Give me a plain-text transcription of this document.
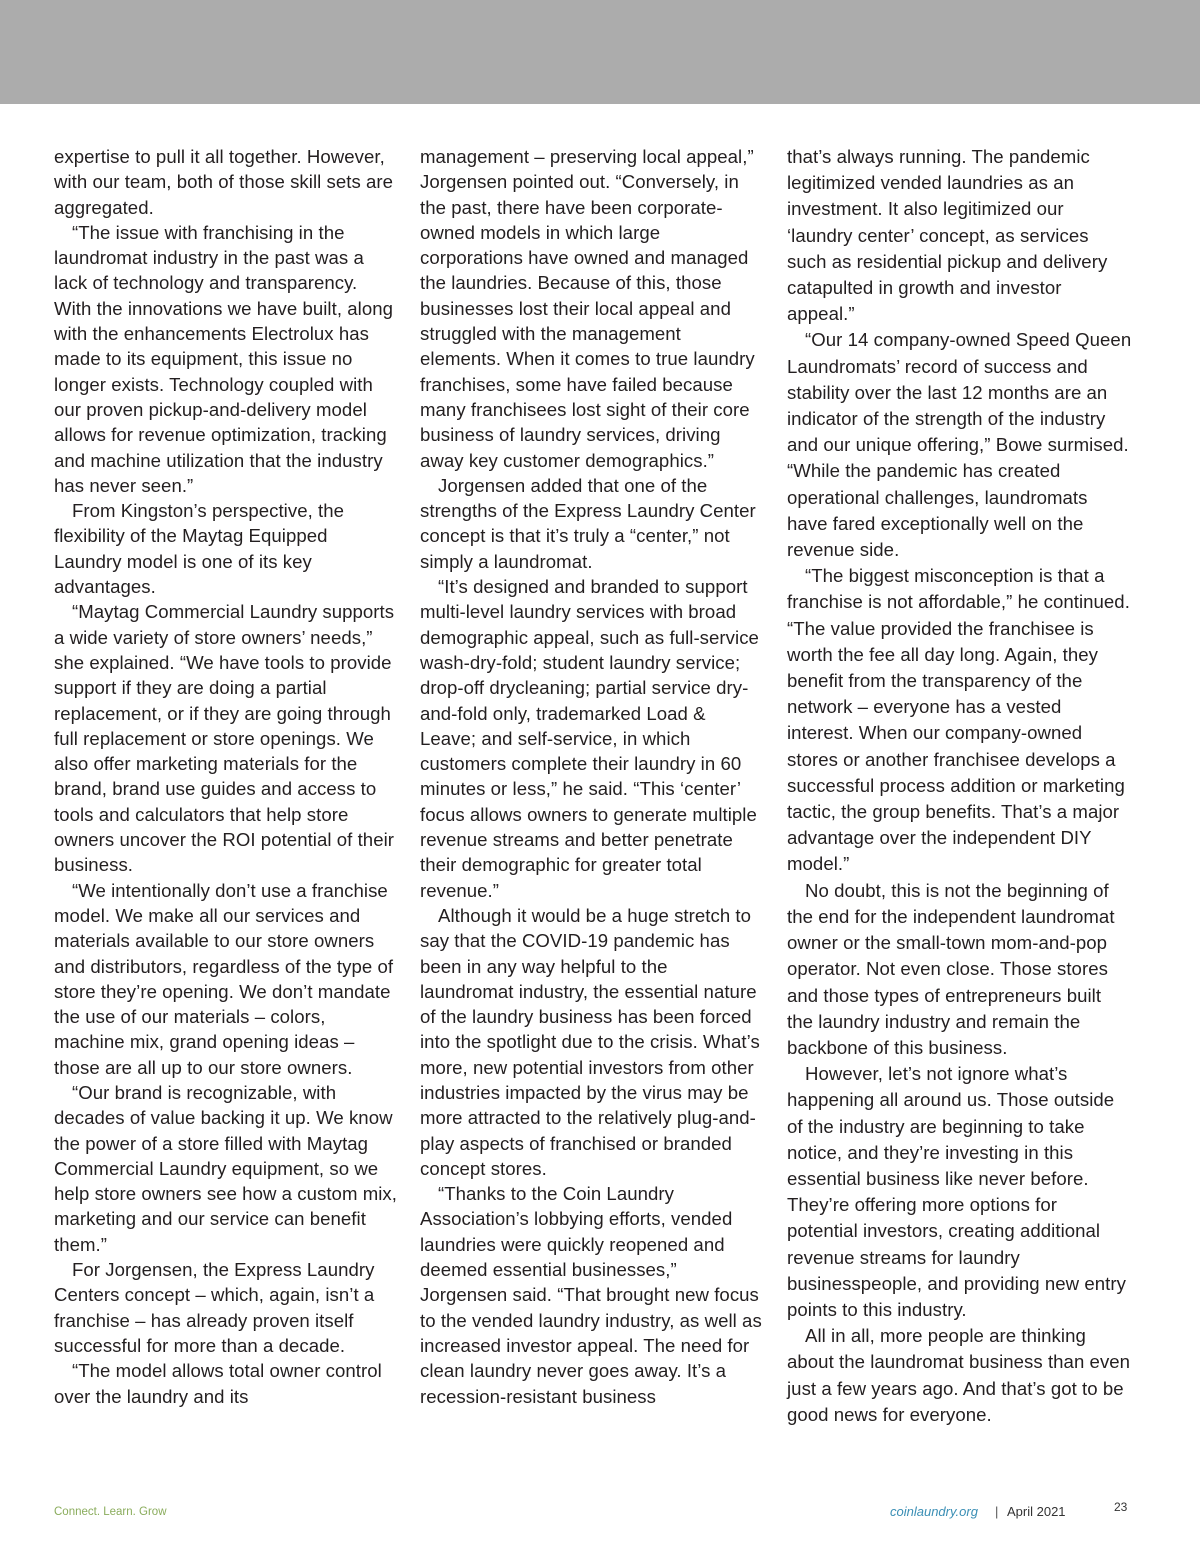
expertise to pull it all together. However, with our team, both of those skill sets are aggregated.

“The issue with franchising in the laundromat industry in the past was a lack of technology and transparency. With the innovations we have built, along with the enhancements Electrolux has made to its equipment, this issue no longer exists. Technology coupled with our proven pickup-and-delivery model allows for revenue optimization, tracking and machine utilization that the industry has never seen.”

From Kingston’s perspective, the flexibility of the Maytag Equipped Laundry model is one of its key advantages.

“Maytag Commercial Laundry supports a wide variety of store owners’ needs,” she explained. “We have tools to provide support if they are doing a partial replacement, or if they are going through full replacement or store openings. We also offer marketing materials for the brand, brand use guides and access to tools and calculators that help store owners uncover the ROI potential of their business.

“We intentionally don’t use a franchise model. We make all our services and materials available to our store owners and distributors, regardless of the type of store they’re opening. We don’t mandate the use of our materials – colors, machine mix, grand opening ideas – those are all up to our store owners.

“Our brand is recognizable, with decades of value backing it up. We know the power of a store filled with Maytag Commercial Laundry equipment, so we help store owners see how a custom mix, marketing and our service can benefit them.”

For Jorgensen, the Express Laundry Centers concept – which, again, isn’t a franchise – has already proven itself successful for more than a decade.

“The model allows total owner control over the laundry and its

management – preserving local appeal,” Jorgensen pointed out. “Conversely, in the past, there have been corporate-owned models in which large corporations have owned and managed the laundries. Because of this, those businesses lost their local appeal and struggled with the management elements. When it comes to true laundry franchises, some have failed because many franchisees lost sight of their core business of laundry services, driving away key customer demographics.”

Jorgensen added that one of the strengths of the Express Laundry Center concept is that it’s truly a “center,” not simply a laundromat.

“It’s designed and branded to support multi-level laundry services with broad demographic appeal, such as full-service wash-dry-fold; student laundry service; drop-off drycleaning; partial service dry-and-fold only, trademarked Load & Leave; and self-service, in which customers complete their laundry in 60 minutes or less,” he said. “This ‘center’ focus allows owners to generate multiple revenue streams and better penetrate their demographic for greater total revenue.”

Although it would be a huge stretch to say that the COVID-19 pandemic has been in any way helpful to the laundromat industry, the essential nature of the laundry business has been forced into the spotlight due to the crisis. What’s more, new potential investors from other industries impacted by the virus may be more attracted to the relatively plug-and-play aspects of franchised or branded concept stores.

“Thanks to the Coin Laundry Association’s lobbying efforts, vended laundries were quickly reopened and deemed essential businesses,” Jorgensen said. “That brought new focus to the vended laundry industry, as well as increased investor appeal. The need for clean laundry never goes away. It’s a recession-resistant business

that’s always running. The pandemic legitimized vended laundries as an investment. It also legitimized our ‘laundry center’ concept, as services such as residential pickup and delivery catapulted in growth and investor appeal.”

“Our 14 company-owned Speed Queen Laundromats’ record of success and stability over the last 12 months are an indicator of the strength of the industry and our unique offering,” Bowe surmised. “While the pandemic has created operational challenges, laundromats have fared exceptionally well on the revenue side.

“The biggest misconception is that a franchise is not affordable,” he continued. “The value provided the franchisee is worth the fee all day long. Again, they benefit from the transparency of the network – everyone has a vested interest. When our company-owned stores or another franchisee develops a successful process addition or marketing tactic, the group benefits. That’s a major advantage over the independent DIY model.”

No doubt, this is not the beginning of the end for the independent laundromat owner or the small-town mom-and-pop operator. Not even close. Those stores and those types of entrepreneurs built the laundry industry and remain the backbone of this business.

However, let’s not ignore what’s happening all around us. Those outside of the industry are beginning to take notice, and they’re investing in this essential business like never before. They’re offering more options for potential investors, creating additional revenue streams for laundry businesspeople, and providing new entry points to this industry.

All in all, more people are thinking about the laundromat business than even just a few years ago. And that’s got to be good news for everyone.

Connect. Learn. Grow	coinlaundry.org | April 2021	23
